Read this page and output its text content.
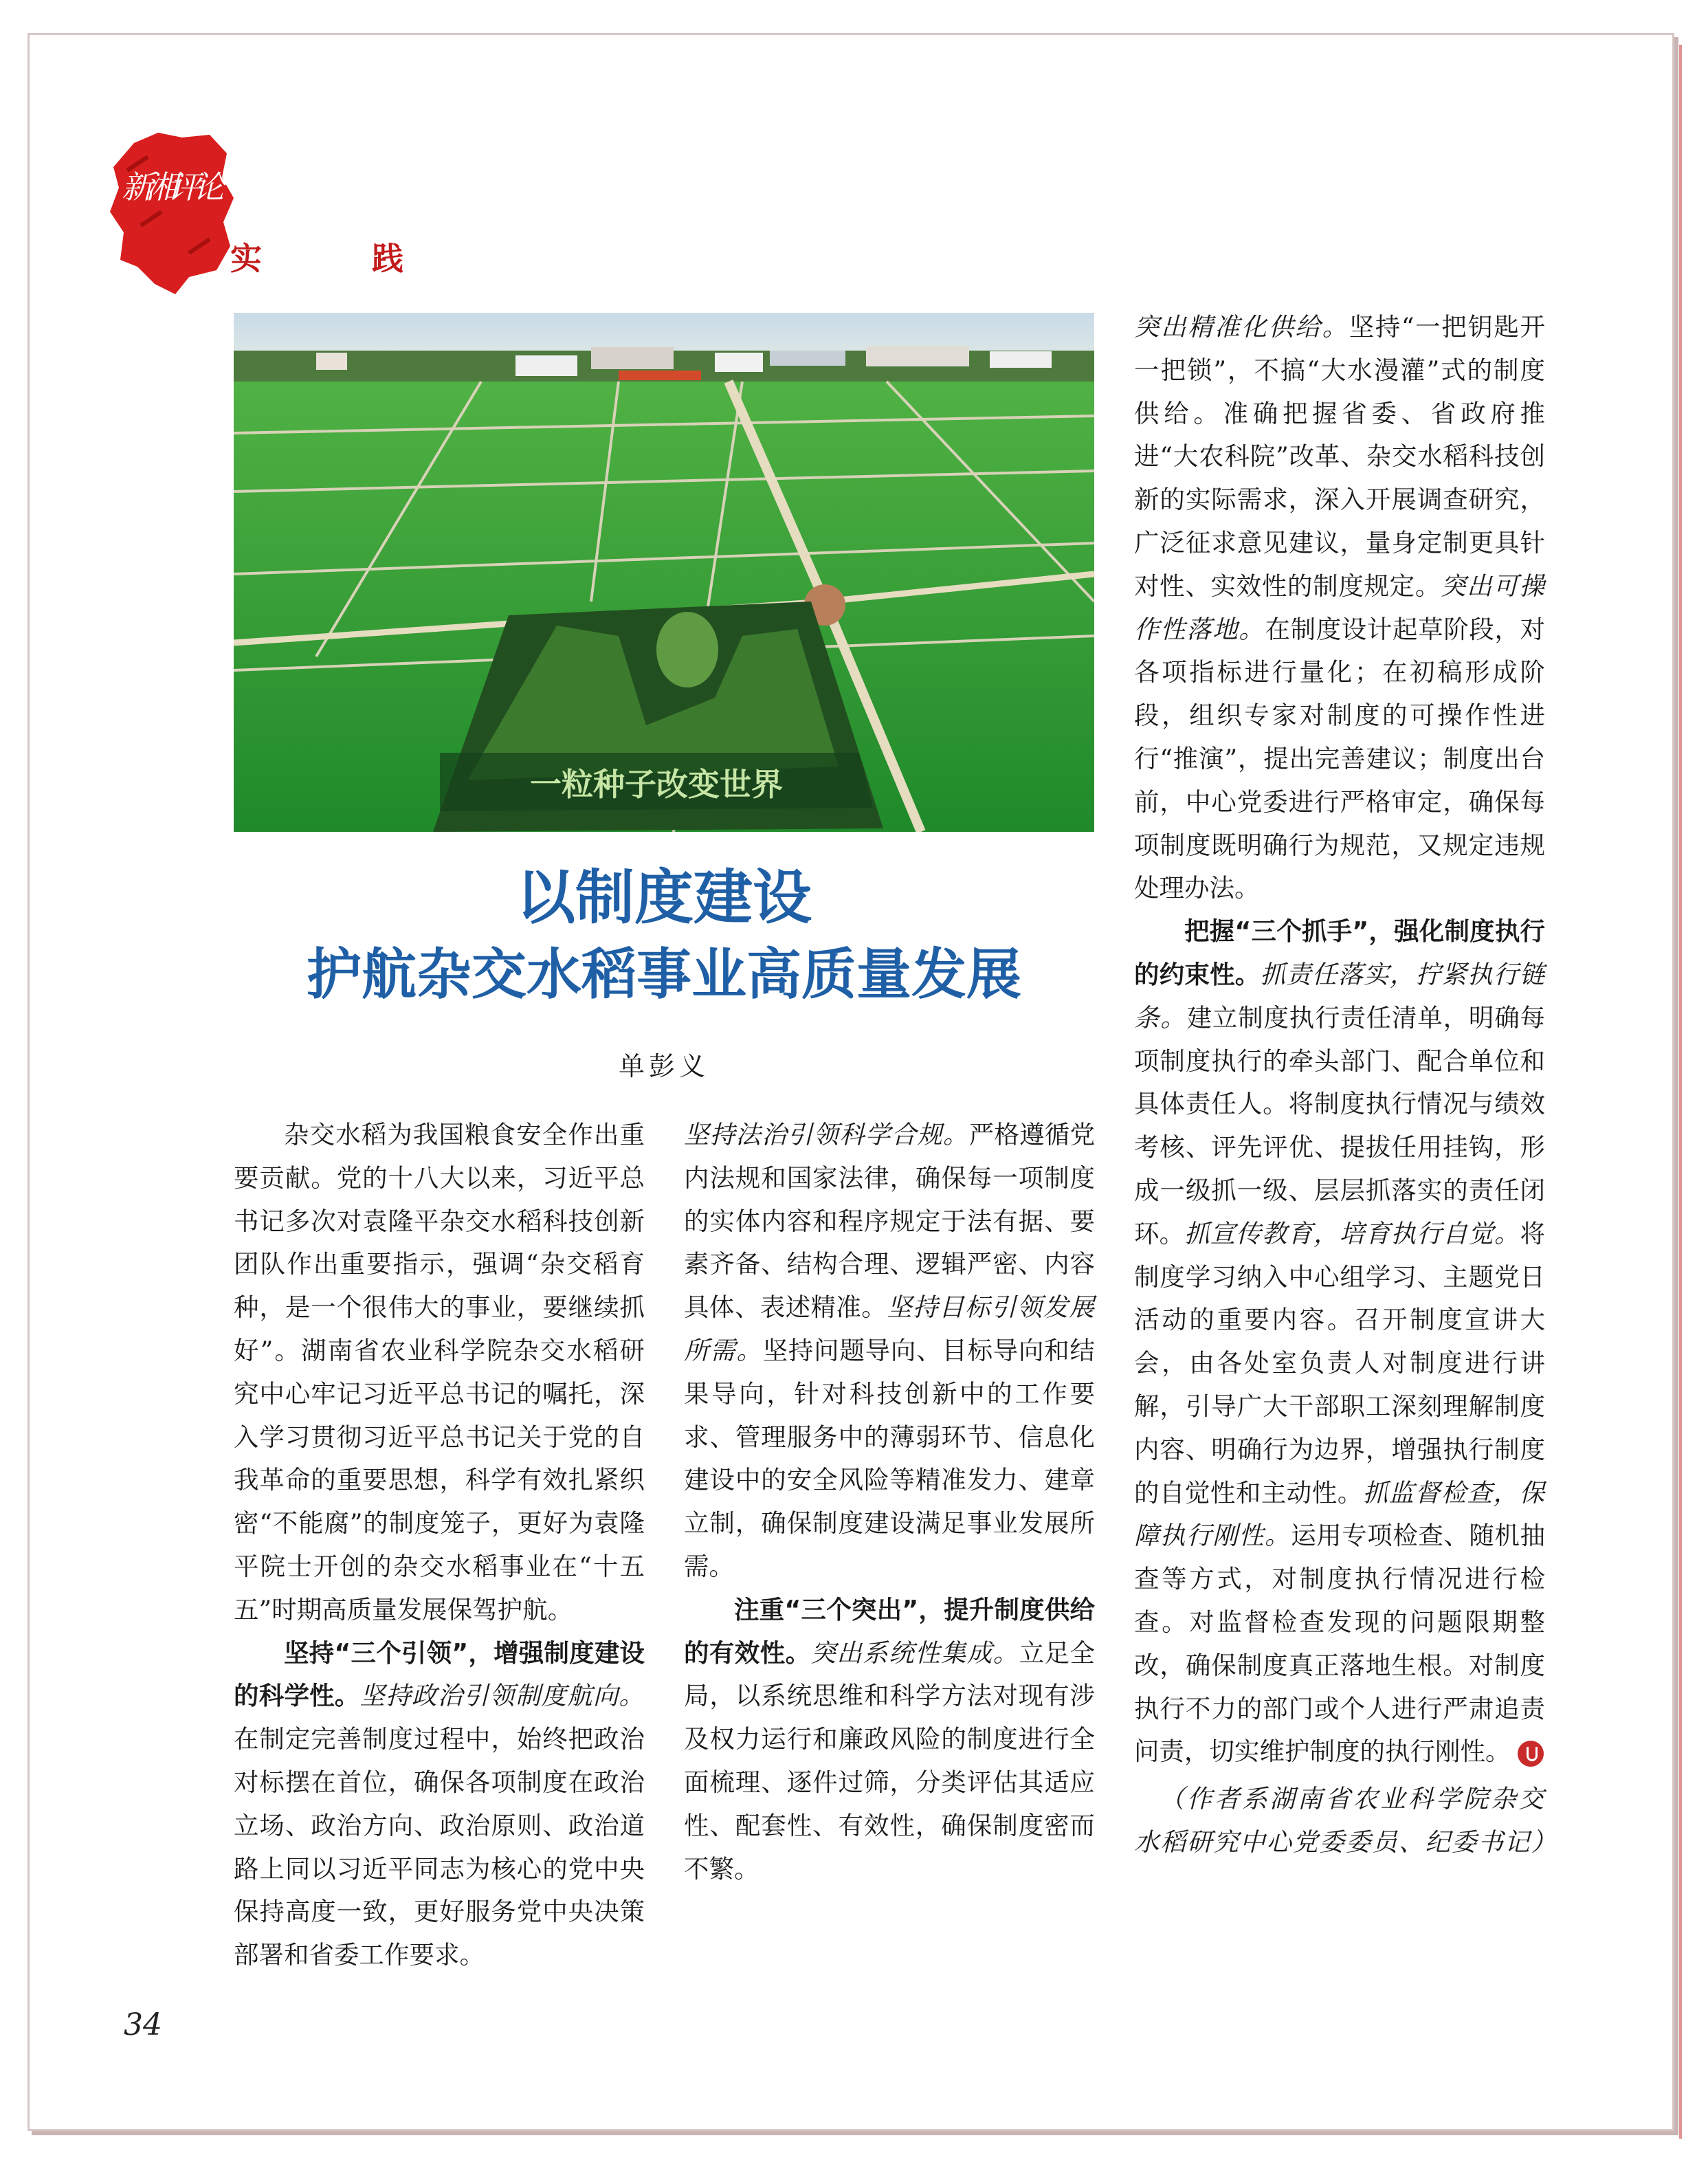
新湘评论
实 践
一粒种子改变世界
以制度建设
护航杂交水稻事业高质量发展
单彭义

杂交水稻为我国粮食安全作出重要贡献。党的十八大以来，习近平总书记多次对袁隆平杂交水稻科技创新团队作出重要指示，强调“杂交稻育种，是一个很伟大的事业，要继续抓好”。湖南省农业科学院杂交水稻研究中心牢记习近平总书记的嘱托，深入学习贯彻习近平总书记关于党的自我革命的重要思想，科学有效扎紧织密“不能腐”的制度笼子，更好为袁隆平院士开创的杂交水稻事业在“十五五”时期高质量发展保驾护航。

坚持“三个引领”，增强制度建设的科学性。坚持政治引领制度航向。在制定完善制度过程中，始终把政治对标摆在首位，确保各项制度在政治立场、政治方向、政治原则、政治道路上同以习近平同志为核心的党中央保持高度一致，更好服务党中央决策部署和省委工作要求。

坚持法治引领科学合规。严格遵循党内法规和国家法律，确保每一项制度的实体内容和程序规定于法有据、要素齐备、结构合理、逻辑严密、内容具体、表述精准。坚持目标引领发展所需。坚持问题导向、目标导向和结果导向，针对科技创新中的工作要求、管理服务中的薄弱环节、信息化建设中的安全风险等精准发力、建章立制，确保制度建设满足事业发展所需。

注重“三个突出”，提升制度供给的有效性。突出系统性集成。立足全局，以系统思维和科学方法对现有涉及权力运行和廉政风险的制度进行全面梳理、逐件过筛，分类评估其适应性、配套性、有效性，确保制度密而不繁。

突出精准化供给。坚持“一把钥匙开一把锁”，不搞“大水漫灌”式的制度供给。准确把握省委、省政府推进“大农科院”改革、杂交水稻科技创新的实际需求，深入开展调查研究，广泛征求意见建议，量身定制更具针对性、实效性的制度规定。突出可操作性落地。在制度设计起草阶段，对各项指标进行量化；在初稿形成阶段，组织专家对制度的可操作性进行“推演”，提出完善建议；制度出台前，中心党委进行严格审定，确保每项制度既明确行为规范，又规定违规处理办法。

把握“三个抓手”，强化制度执行的约束性。抓责任落实，拧紧执行链条。建立制度执行责任清单，明确每项制度执行的牵头部门、配合单位和具体责任人。将制度执行情况与绩效考核、评先评优、提拔任用挂钩，形成一级抓一级、层层抓落实的责任闭环。抓宣传教育，培育执行自觉。将制度学习纳入中心组学习、主题党日活动的重要内容。召开制度宣讲大会，由各处室负责人对制度进行讲解，引导广大干部职工深刻理解制度内容、明确行为边界，增强执行制度的自觉性和主动性。抓监督检查，保障执行刚性。运用专项检查、随机抽查等方式，对制度执行情况进行检查。对监督检查发现的问题限期整改，确保制度真正落地生根。对制度执行不力的部门或个人进行严肃追责问责，切实维护制度的执行刚性。

（作者系湖南省农业科学院杂交水稻研究中心党委委员、纪委书记）

34
